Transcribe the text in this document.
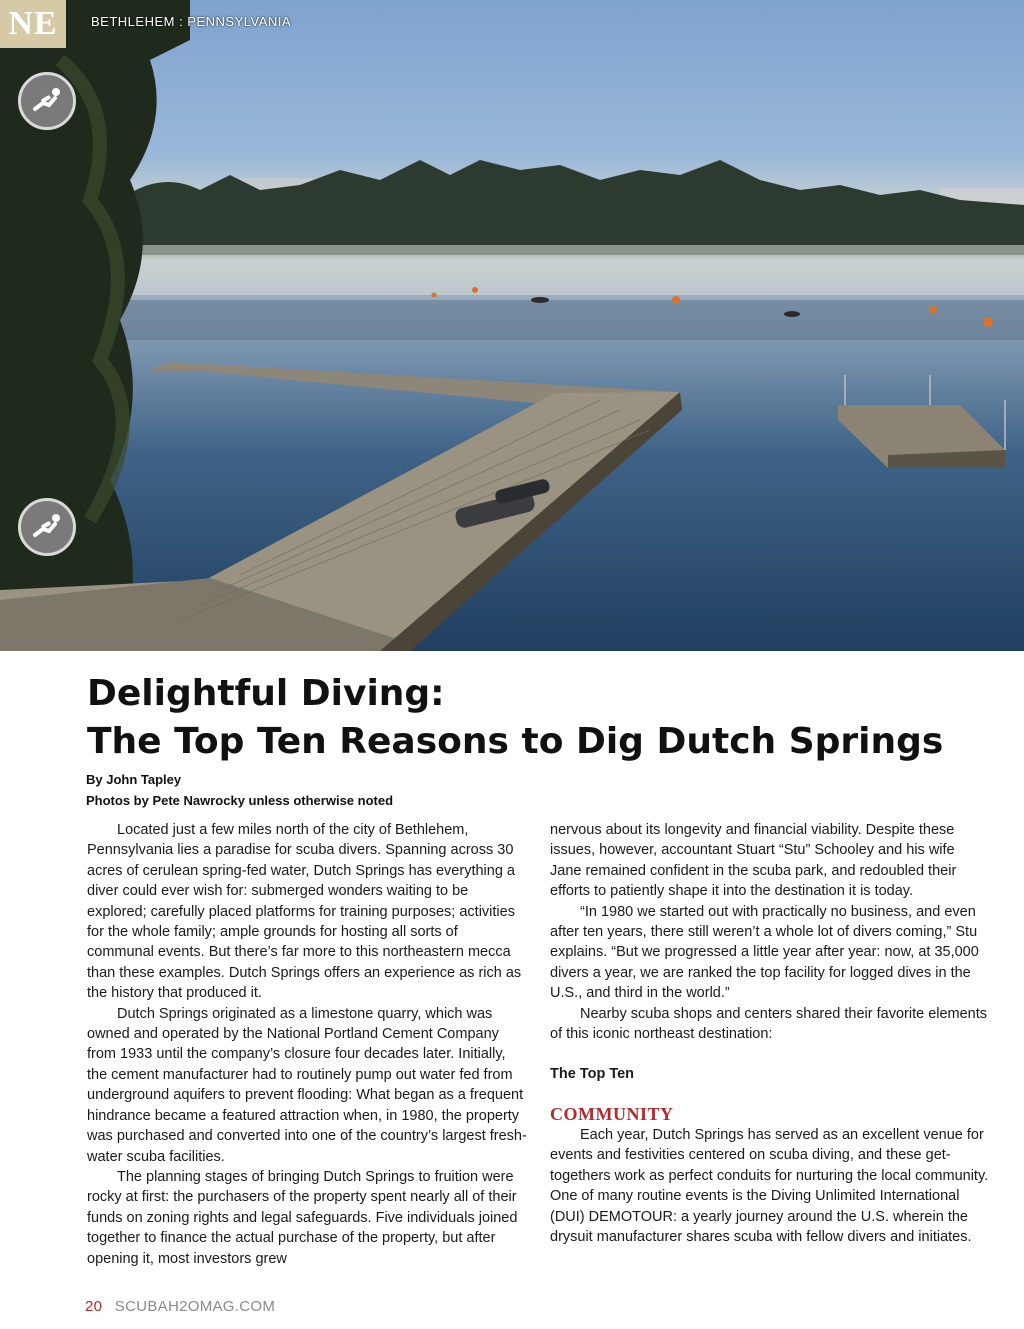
NE	BETHLEHEM : PENNSYLVANIA
Delightful Diving:
The Top Ten Reasons to Dig Dutch Springs
By John Tapley
Photos by Pete Nawrocky unless otherwise noted

Located just a few miles north of the city of Bethlehem, Pennsylvania lies a paradise for scuba divers. Spanning across 30 acres of cerulean spring-fed water, Dutch Springs has everything a diver could ever wish for: submerged wonders waiting to be explored; carefully placed platforms for training purposes; activities for the whole family; ample grounds for hosting all sorts of communal events. But there’s far more to this northeastern mecca than these examples. Dutch Springs offers an experience as rich as the history that produced it.

Dutch Springs originated as a limestone quarry, which was owned and operated by the National Portland Cement Company from 1933 until the company’s closure four decades later. Initially, the cement manufacturer had to routinely pump out water fed from underground aquifers to prevent flooding: What began as a frequent hindrance became a featured attraction when, in 1980, the property was purchased and converted into one of the country’s largest fresh-water scuba facilities.

The planning stages of bringing Dutch Springs to fruition were rocky at first: the purchasers of the property spent nearly all of their funds on zoning rights and legal safeguards. Five individuals joined together to finance the actual purchase of the property, but after opening it, most investors grew

nervous about its longevity and financial viability. Despite these issues, however, accountant Stuart “Stu” Schooley and his wife Jane remained confident in the scuba park, and redoubled their efforts to patiently shape it into the destination it is today.

“In 1980 we started out with practically no business, and even after ten years, there still weren’t a whole lot of divers coming,” Stu explains. “But we progressed a little year after year: now, at 35,000 divers a year, we are ranked the top facility for logged dives in the U.S., and third in the world.”

Nearby scuba shops and centers shared their favorite elements of this iconic northeast destination:

The Top Ten

COMMUNITY

Each year, Dutch Springs has served as an excellent venue for events and festivities centered on scuba diving, and these get-togethers work as perfect conduits for nurturing the local community. One of many routine events is the Diving Unlimited International (DUI) DEMOTOUR: a yearly journey around the U.S. wherein the drysuit manufacturer shares scuba with fellow divers and initiates.

20 SCUBAH2OMAG.COM
